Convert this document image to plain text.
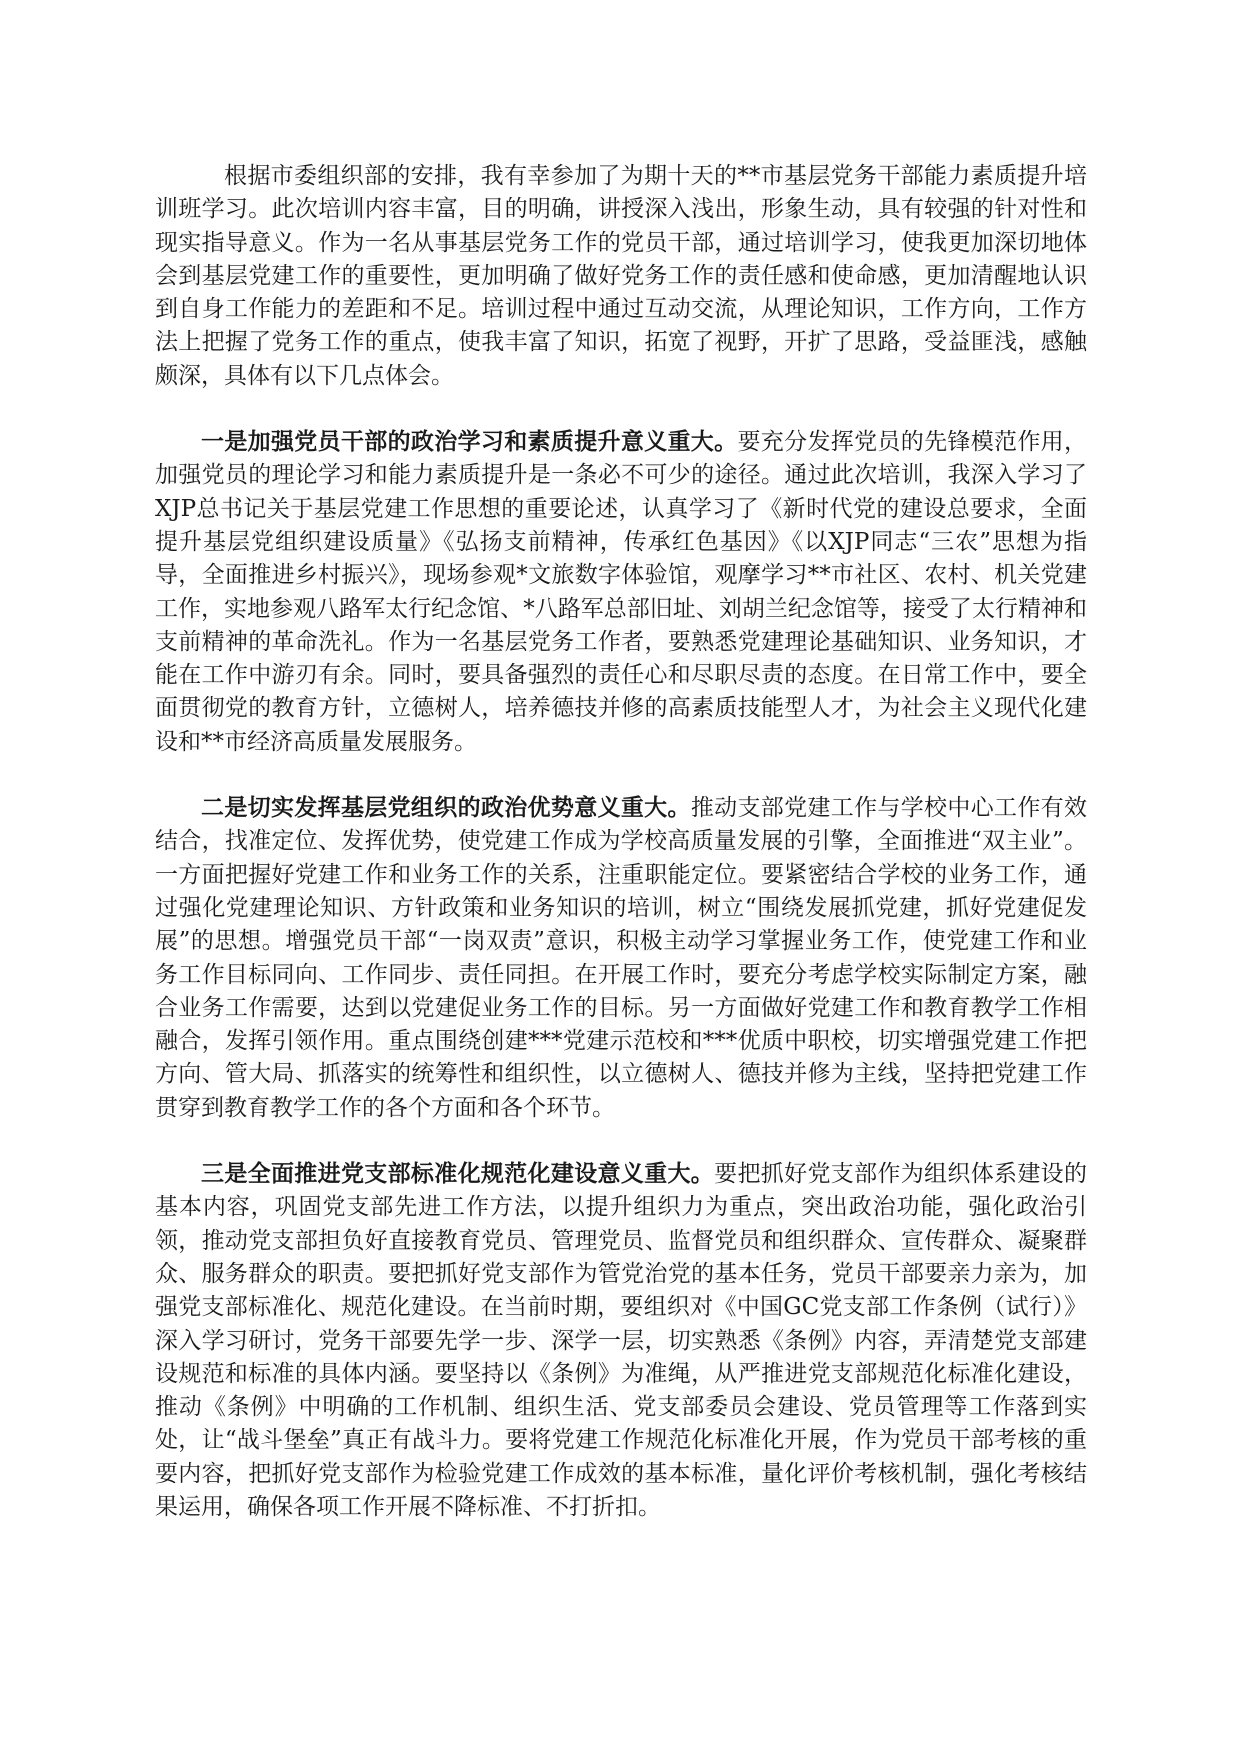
根据市委组织部的安排，我有幸参加了为期十天的**市基层党务干部能力素质提升培训班学习。此次培训内容丰富，目的明确，讲授深入浅出，形象生动，具有较强的针对性和现实指导意义。作为一名从事基层党务工作的党员干部，通过培训学习，使我更加深切地体会到基层党建工作的重要性，更加明确了做好党务工作的责任感和使命感，更加清醒地认识到自身工作能力的差距和不足。培训过程中通过互动交流，从理论知识，工作方向，工作方法上把握了党务工作的重点，使我丰富了知识，拓宽了视野，开扩了思路，受益匪浅，感触颇深，具体有以下几点体会。

一是加强党员干部的政治学习和素质提升意义重大。要充分发挥党员的先锋模范作用，加强党员的理论学习和能力素质提升是一条必不可少的途径。通过此次培训，我深入学习了XJP总书记关于基层党建工作思想的重要论述，认真学习了《新时代党的建设总要求，全面提升基层党组织建设质量》《弘扬支前精神，传承红色基因》《以XJP同志“三农”思想为指导，全面推进乡村振兴》，现场参观*文旅数字体验馆，观摩学习**市社区、农村、机关党建工作，实地参观八路军太行纪念馆、*八路军总部旧址、刘胡兰纪念馆等，接受了太行精神和支前精神的革命洗礼。作为一名基层党务工作者，要熟悉党建理论基础知识、业务知识，才能在工作中游刃有余。同时，要具备强烈的责任心和尽职尽责的态度。在日常工作中，要全面贯彻党的教育方针，立德树人，培养德技并修的高素质技能型人才，为社会主义现代化建设和**市经济高质量发展服务。

二是切实发挥基层党组织的政治优势意义重大。推动支部党建工作与学校中心工作有效结合，找准定位、发挥优势，使党建工作成为学校高质量发展的引擎，全面推进“双主业”。一方面把握好党建工作和业务工作的关系，注重职能定位。要紧密结合学校的业务工作，通过强化党建理论知识、方针政策和业务知识的培训，树立“围绕发展抓党建，抓好党建促发展”的思想。增强党员干部“一岗双责”意识，积极主动学习掌握业务工作，使党建工作和业务工作目标同向、工作同步、责任同担。在开展工作时，要充分考虑学校实际制定方案，融合业务工作需要，达到以党建促业务工作的目标。另一方面做好党建工作和教育教学工作相融合，发挥引领作用。重点围绕创建***党建示范校和***优质中职校，切实增强党建工作把方向、管大局、抓落实的统筹性和组织性，以立德树人、德技并修为主线，坚持把党建工作贯穿到教育教学工作的各个方面和各个环节。

三是全面推进党支部标准化规范化建设意义重大。要把抓好党支部作为组织体系建设的基本内容，巩固党支部先进工作方法，以提升组织力为重点，突出政治功能，强化政治引领，推动党支部担负好直接教育党员、管理党员、监督党员和组织群众、宣传群众、凝聚群众、服务群众的职责。要把抓好党支部作为管党治党的基本任务，党员干部要亲力亲为，加强党支部标准化、规范化建设。在当前时期，要组织对《中国GC党支部工作条例（试行）》深入学习研讨，党务干部要先学一步、深学一层，切实熟悉《条例》内容，弄清楚党支部建设规范和标准的具体内涵。要坚持以《条例》为准绳，从严推进党支部规范化标准化建设，推动《条例》中明确的工作机制、组织生活、党支部委员会建设、党员管理等工作落到实处，让“战斗堡垒”真正有战斗力。要将党建工作规范化标准化开展，作为党员干部考核的重要内容，把抓好党支部作为检验党建工作成效的基本标准，量化评价考核机制，强化考核结果运用，确保各项工作开展不降标准、不打折扣。
